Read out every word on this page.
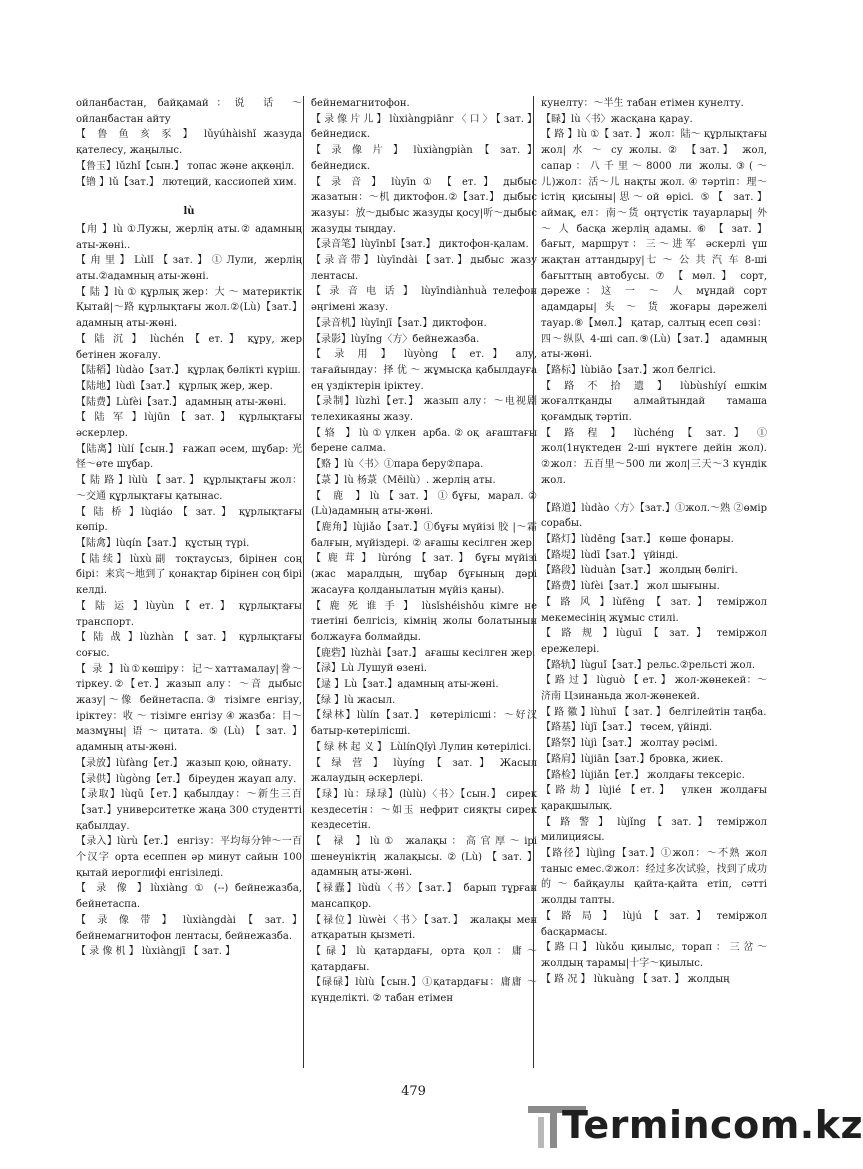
ойланбастан, байқамай：说 话 ～ ойланбастан айту

【 鲁 鱼 亥 豕 】 lǔyúhàishǐ жазуда қателесу, жаңылыс.

【鲁玉】lǔzhǐ【сын.】 топас және ақкөңіл.

【镥 】lǔ【зат.】 лютеций, кассиопей хим.

lù

【甪 】lù ①Лужы, жерлің аты.② адамның аты-жөні..

【甪里】Lùlǐ【зат.】①Лули, жерлің аты.②адамның аты-жөні.

【 陆 】lù ① құрлық жер：大 ～ материктік Қытай|～路 құрлықтағы жол.②(Lù)【зат.】 адамның аты-жөні.

【 陆 沉 】 lùchén 【 ет. 】 құру, жер бетінен жоғалу.

【陆稻】lùdào【зат.】 құрлақ бөлікті күріш.

【陆地】lùdì【зат.】 құрлық жер, жер.

【陆费】Lùfèi【зат.】 адамның аты-жөні.

【 陆 军 】lùjūn 【 зат. 】 құрлықтағы әскерлер.

【陆离】lùlí【сын.】 ғажап әсем, шұбар: 光怪～өте шұбар.

【 陆 路 】lùlù 【 зат. 】 құрлықтағы жол：～交通 құрлықтағы қатынас.

【 陆 桥 】lùqiáo 【 зат. 】 құрлықтағы көпір.

【陆禽】lùqín【зат.】 құстың түрі.

【陆续】lùxù副 тоқтаусыз, бірінен соң бірі：来宾～地到了 қонақтар бірінен соң бірі келді.

【 陆 运 】lùyùn 【 ет. 】 құрлықтағы транспорт.

【 陆 战 】lùzhàn 【 зат. 】 құрлықтағы соғыс.

【 录 】lù①көшіру：记～хаттамалау|誊～тіркеу.②【ет.】жазып алу：～音 дыбыс жазу|～像 бейнетаспа.③ тізімге енгізу, іріктеу：收 ～ тізімге енгізу ④ жазба：目～мазмұны|语～цитата.⑤(Lù)【зат.】 адамның аты-жөні.

【录放】lùfàng【ет.】 жазып қою, ойнату.

【录供】lùgòng【ет.】 біреуден жауап алу.

【录取】lùqǔ【ет.】қабылдау：～新生三百【зат.】университетке жаңа 300 студентті қабылдау.

【录入】lùrù【ет.】 енгізу：平均每分钟～一百个汉字 орта есеппен әр минут сайын 100 қытай иероглифі енгізіледі.

【 录 像 】lùxiàng ① (--) бейнежазба, бейнетаспа.

【 录 像 带 】 lùxiàngdài 【 зат. 】 бейнемагнитофон лентасы, бейнежазба.

【 录 像 机 】 lùxiàngjī 【 зат. 】

бейнемагнитофон.

【录像片儿】lùxiàngpiānr〈口〉【зат.】 бейнедиск.

【 录 像 片 】 lùxiàngpiàn 【 зат. 】 бейнедиск.

【 录 音 】 lùyīn ① 【 ет. 】 дыбыс жазатын：～机 диктофон.②【зат.】 дыбыс жазуы：放～дыбыс жазуды қосу|听～дыбыс жазуды тыңдау.

【录音笔】lùyīnbǐ【зат.】 диктофон-қалам.

【录音带】lùyīndài【зат.】дыбыс жазу лентасы.

【 录 音 电 话 】 lùyīndiànhuà телефон әңгімені жазу.

【录音机】lùyīnjī【зат.】диктофон.

【录影】lùyǐng〈方〉бейнежазба.

【 录 用 】 lùyòng 【 ет. 】 алу, тағайындау：择 优 ～ жұмысқа қабылдауға ең үздіктерін іріктеу.

【录制】lùzhì【ет.】 жазып алу：～电视剧 телехикаяны жазу.

【辂 】lù①үлкен арба.②оқ ағаштағы берене салма.

【赂 】lù〈书〉①пара беру②пара.

【菉 】lù 杨菉（Mēilù）. жерлің аты.

【 鹿 】lù【зат.】①бұғы, марал.② (Lù)адамның аты-жөні.

【鹿角】lùjiǎo【зат.】①бұғы мүйізі 胶 |～霜 балғын, мүйіздері. ② ағашы кесілген жер.

【 鹿 茸 】 lùróng 【 зат. 】 бұғы мүйізі (жас маралдың, шұбар бұғының дәрі жасауға қолданылатын мүйіз қаны).

【 鹿 死 谁 手 】 lùsǐshéishǒu кімге не тиетіні белгісіз, кімнің жолы болатынын болжауға болмайды.

【鹿砦】lùzhài【зат.】 ағашы кесілген жер.

【渌】Lù Лушуй өзені.

【逯 】Lù【зат.】адамның аты-жөні.

【绿 】lù жасыл.

【绿林】lùlín【зат.】 көтерілісші：～好汉 батыр-көтерілісші.

【 绿 林 起 义 】 LùlínQǐyì Лулин көтерілісі.

【 绿 营 】 lùyíng 【 зат. 】 Жасыл жалаудың әскерлері.

【琭】lù：琭琭】(lùlù)〈书〉【сын.】 сирек кездесетін：～如玉 нефрит сияқты сирек кездесетін.

【 禄 】lù① жалақы：高官厚～ірі шенеуніктің жалақысы.②(Lù)【зат.】 адамның аты-жөні.

【禄蠹】lùdù〈书〉【зат.】 барып тұрған мансапқор.

【禄位】lùwèi〈书〉【зат.】 жалақы мен атқаратын қызметі.

【碌】lù қатардағы, орта қол：庸～қатардағы.

【碌碌】lùlù【сын.】①қатардағы：庸庸 ～ күнделікті. ② табан етімен

кунелту：～半生 табан етімен кунелту.

【睩】lù〈书〉жасқана қарау.

【 路 】lù ①【 зат. 】 жол：陆～ құрлықтағы жол| 水 ～ су жолы. ② 【зат.】 жол, сапар：八千里～8000 ли жолы.③(～儿)жол：活～儿 нақты жол. ④ тәртіп：理～істің қисыны|思～ой өрісі. ⑤【 зат.】 аймақ, ел：南～货 оңтүстік тауарлары| 外 ～ 人 басқа жерлің адамы. ⑥ 【 зат. 】 бағыт, маршрут：三～进军 әскерлі үш жақтан аттандыру|七 ～ 公 共 汽 车 8-ші бағыттың автобусы. ⑦ 【 мөл. 】 сорт, дәреже：这 一 ～ 人 мұндай сорт адамдары| 头 ～ 货 жоғары дәрежелі тауар.⑧【мөл.】 қатар, салтың есеп сөзі：四～纵队 4-ші сап.⑨(Lù)【зат.】 адамның аты-жөні.

【路标】lùbiāo【зат.】жол белгісі.

【 路 不 拾 遗 】 lùbùshíyí ешкім жоғалтқанды алмайтындай тамаша қоғамдық тәртіп.

【 路 程 】 lùchéng 【 зат. 】 ① жол(1нүктеден 2-ші нүктеге дейін жол). ②жол：五百里～500 ли жол|三天～3 күндік жол.

【路道】lùdào〈方〉【зат.】①жол.～熟 ②өмір сорабы.

【路灯】lùdēng【зат.】 көше фонары.

【路堤】lùdī【зат.】 үйінді.

【路段】lùduàn【зат.】 жолдың бөлігі.

【路费】lùfèi【зат.】 жол шығыны.

【 路 风 】lùfēng 【 зат. 】 теміржол мекемесінің жұмыс стилі.

【 路 规 】lùguī 【 зат. 】 теміржол ережелері.

【路轨】lùguǐ【зат.】рельс.②рельсті жол.

【 路 过 】 lùguò 【 ет. 】 жол-жөнекей：～济南 Цзинаньда жол-жөнекей.

【 路 徽 】lùhuī 【 зат. 】 белгілейтін таңба.

【路基】lùjī【зат.】 төсем, үйінді.

【路祭】lùjì【зат.】 жолтау рәсімі.

【路肩】lùjiān【зат.】бровка, жиек.

【路检】lùjiǎn【ет.】 жолдағы тексеріс.

【路劫】lùjié【ет.】 үлкен жолдағы қарақшылық.

【 路 警 】 lùjǐng 【 зат. 】 теміржол милициясы.

【路径】lùjìng【зат.】①жол：～不熟 жол таныс емес.②жол：经过多次试验，找到了成功的～байқаулы қайта-қайта етіп, сәтті жолды тапты.

【 路 局 】 lùjú 【 зат. 】 теміржол басқармасы.

【路口】lùkǒu қиылыс, торап：三岔～ жолдың тарамы|十字～қиылыс.

【 路 况 】 lùkuàng 【 зат. 】 жолдың

479
Termincom.kz
